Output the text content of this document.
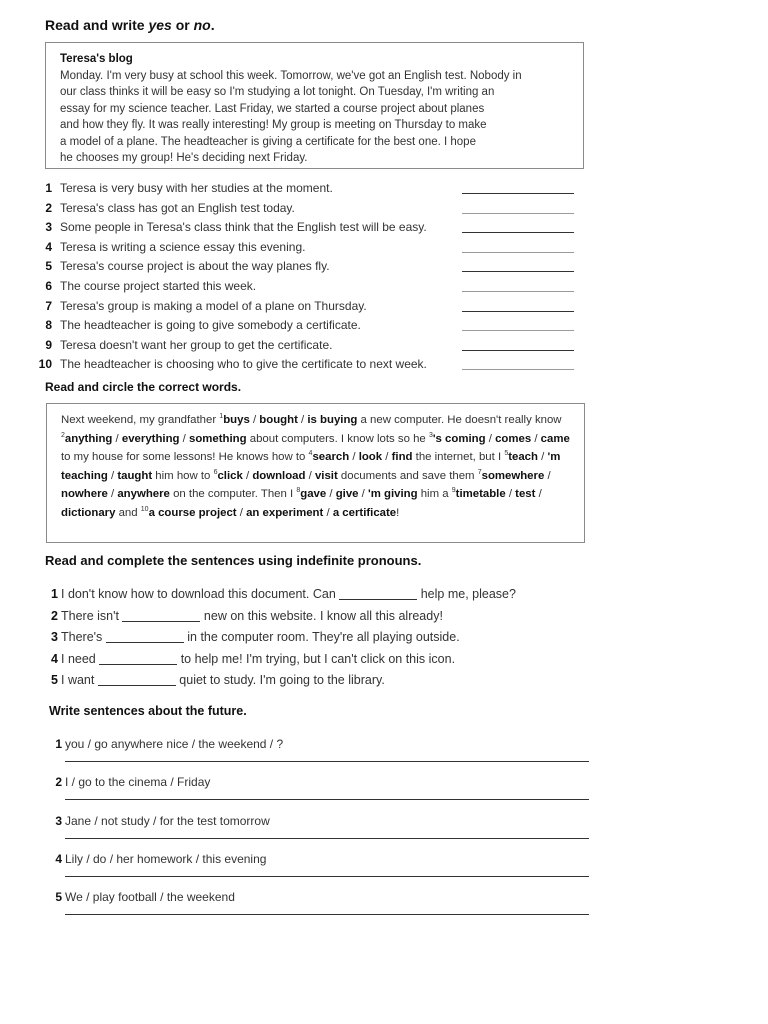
Read and write yes or no.
Teresa's blog

Monday. I'm very busy at school this week. Tomorrow, we've got an English test. Nobody in
our class thinks it will be easy so I'm studying a lot tonight. On Tuesday, I'm writing an
essay for my science teacher. Last Friday, we started a course project about planes
and how they fly. It was really interesting! My group is meeting on Thursday to make
a model of a plane. The headteacher is giving a certificate for the best one. I hope
he chooses my group! He's deciding next Friday.

1 Teresa is very busy with her studies at the moment.
2 Teresa's class has got an English test today.
3 Some people in Teresa's class think that the English test will be easy.
4 Teresa is writing a science essay this evening.
5 Teresa's course project is about the way planes fly.
6 The course project started this week.
7 Teresa's group is making a model of a plane on Thursday.
8 The headteacher is going to give somebody a certificate.
9 Teresa doesn't want her group to get the certificate.
10 The headteacher is choosing who to give the certificate to next week.
Read and circle the correct words.
Next weekend, my grandfather $^1$buys / bought / is buying a new computer. He doesn't really know $^2$anything / everything / something about computers. I know lots so he $^3$'s coming / comes / came to my house for some lessons! He knows how to $^4$search / look / find the internet, but I $^5$teach / 'm teaching / taught him how to $^6$click / download / visit documents and save them $^7$somewhere / nowhere / anywhere on the computer. Then I $^8$gave / give / 'm giving him a $^9$timetable / test / dictionary and $^{10}$a course project / an experiment / a certificate!
Read and complete the sentences using indefinite pronouns.
1 I don't know how to download this document. Can	help me, please?
2 There isn't	new on this website. I know all this already!
3 There's	in the computer room. They're all playing outside.
4 I need	to help me! I'm trying, but I can't click on this icon.
5 I want	quiet to study. I'm going to the library.
Write sentences about the future.
1 you / go anywhere nice / the weekend / ?
2 I / go to the cinema / Friday
3 Jane / not study / for the test tomorrow
4 Lily / do / her homework / this evening
5 We / play football / the weekend
